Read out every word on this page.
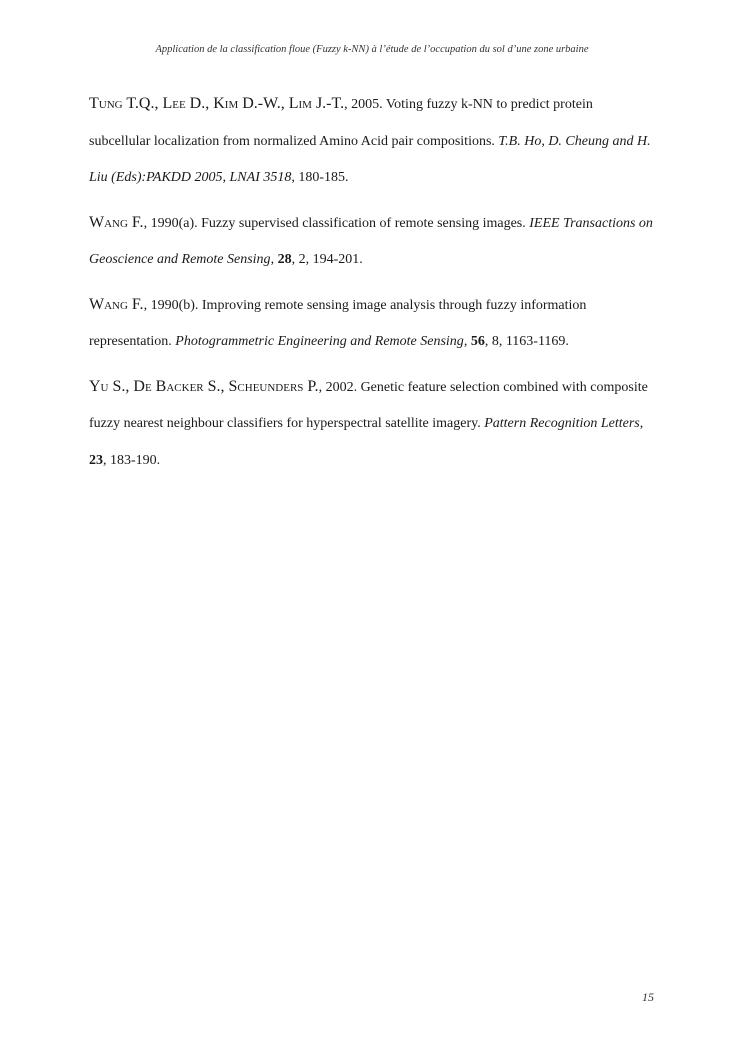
Application de la classification floue (Fuzzy k-NN) à l’étude de l’occupation du sol d’une zone urbaine

Tung T.Q., Lee D., Kim D.-W., Lim J.-T., 2005. Voting fuzzy k-NN to predict protein subcellular localization from normalized Amino Acid pair compositions. T.B. Ho, D. Cheung and H. Liu (Eds):PAKDD 2005, LNAI 3518, 180-185.

Wang F., 1990(a). Fuzzy supervised classification of remote sensing images. IEEE Transactions on Geoscience and Remote Sensing, 28, 2, 194-201.

Wang F., 1990(b). Improving remote sensing image analysis through fuzzy information representation. Photogrammetric Engineering and Remote Sensing, 56, 8, 1163-1169.

Yu S., De Backer S., Scheunders P., 2002. Genetic feature selection combined with composite fuzzy nearest neighbour classifiers for hyperspectral satellite imagery. Pattern Recognition Letters, 23, 183-190.

15
